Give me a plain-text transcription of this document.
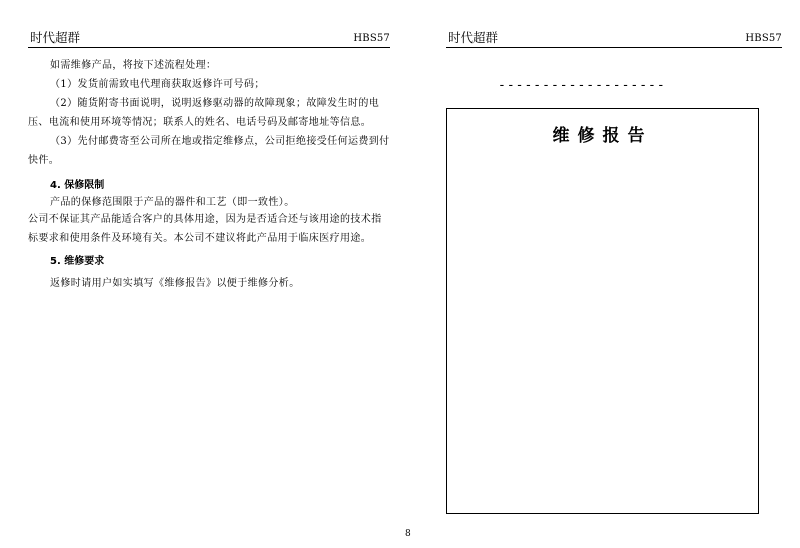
时代超群	HBS57

如需维修产品，将按下述流程处理：

（1）发货前需致电代理商获取返修许可号码；

（2）随货附寄书面说明，说明返修驱动器的故障现象；故障发生时的电压、电流和使用环境等情况；联系人的姓名、电话号码及邮寄地址等信息。

（3）先付邮费寄至公司所在地或指定维修点，公司拒绝接受任何运费到付快件。

4. 保修限制

产品的保修范围限于产品的器件和工艺（即一致性）。

公司不保证其产品能适合客户的具体用途，因为是否适合还与该用途的技术指标要求和使用条件及环境有关。本公司不建议将此产品用于临床医疗用途。

5. 维修要求

返修时请用户如实填写《维修报告》以便于维修分析。

时代超群	HBS57
-------------------
维修报告
8
